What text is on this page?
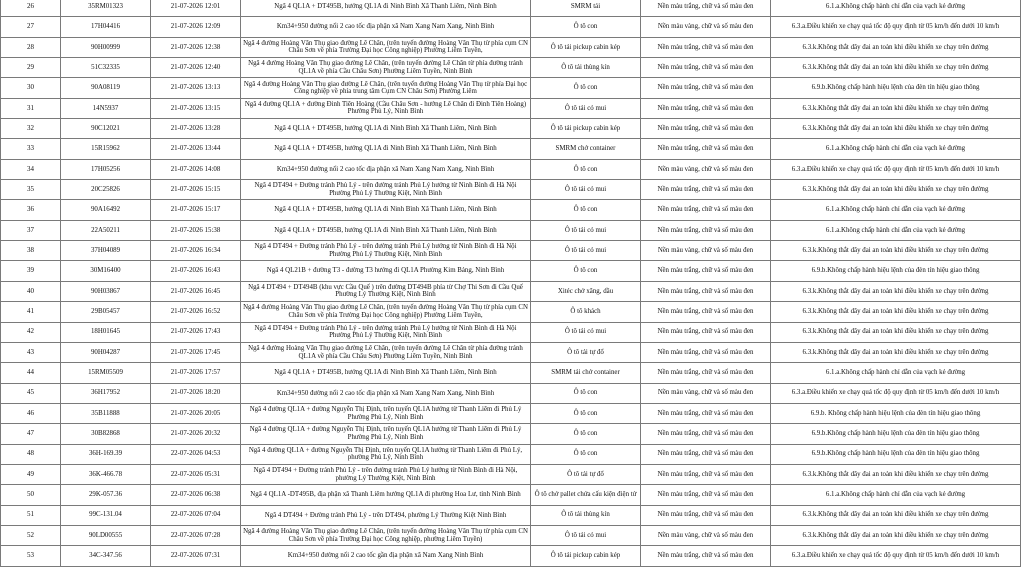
26	35RM01323	21-07-2026 12:01	Ngã 4 QL1A + DT495B, hướng QL1A đi Ninh Bình Xã Thanh Liêm, Ninh Bình	SMRM tải	Nền màu trắng, chữ và số màu đen	6.1.a.Không chấp hành chỉ dẫn của vạch kẻ đường
27	17H04416	21-07-2026 12:09	Km34+950 đường nối 2 cao tốc địa phận xã Nam Xang Nam Xang, Ninh Bình	Ô tô con	Nền màu vàng, chữ và số màu đen	6.3.a.Điều khiển xe chạy quá tốc độ quy định từ 05 km/h đến dưới 10 km/h
28	90H00999	21-07-2026 12:38	Ngã 4 đường Hoàng Văn Thụ giao đường Lê Chân, (trên tuyến đường Hoàng Văn Thụ từ phía cụm CN Châu Sơn về phía Trường Đại học Công nghiệp) Phường Liêm Tuyền,	Ô tô tải pickup cabin kép	Nền màu trắng, chữ và số màu đen	6.3.k.Không thắt dây đai an toàn khi điều khiển xe chạy trên đường
29	51C32335	21-07-2026 12:40	Ngã 4 đường Hoàng Văn Thụ giao đường Lê Chân, (trên tuyến đường Lê Chân từ phía đường tránh QL1A về phía Cầu Châu Sơn) Phường Liêm Tuyền, Ninh Bình	Ô tô tải thùng kín	Nền màu trắng, chữ và số màu đen	6.3.k.Không thắt dây đai an toàn khi điều khiển xe chạy trên đường
30	90A08119	21-07-2026 13:13	Ngã 4 đường Hoàng Văn Thụ giao đường Lê Chân, (trên tuyến đường Hoàng Văn Thụ từ phía Đại học Công nghiệp về phía trung tâm Cụm CN Châu Sơn) Phường Liêm	Ô tô con	Nền màu trắng, chữ và số màu đen	6.9.b.Không chấp hành hiệu lệnh của đèn tín hiệu giao thông
31	14N5937	21-07-2026 13:15	Ngã 4 đường QL1A + đường Đinh Tiên Hoàng (Cầu Châu Sơn - hướng Lê Chân đi Đinh Tiên Hoàng) Phường Phủ Lý, Ninh Bình	Ô tô tải có mui	Nền màu trắng, chữ và số màu đen	6.3.k.Không thắt dây đai an toàn khi điều khiển xe chạy trên đường
32	90C12021	21-07-2026 13:28	Ngã 4 QL1A + DT495B, hướng QL1A đi Ninh Bình Xã Thanh Liêm, Ninh Bình	Ô tô tải pickup cabin kép	Nền màu trắng, chữ và số màu đen	6.3.k.Không thắt dây đai an toàn khi điều khiển xe chạy trên đường
33	15R15962	21-07-2026 13:44	Ngã 4 QL1A + DT495B, hướng QL1A đi Ninh Bình Xã Thanh Liêm, Ninh Bình	SMRM chở container	Nền màu trắng, chữ và số màu đen	6.1.a.Không chấp hành chỉ dẫn của vạch kẻ đường
34	17H05256	21-07-2026 14:08	Km34+950 đường nối 2 cao tốc địa phận xã Nam Xang Nam Xang, Ninh Bình	Ô tô con	Nền màu vàng, chữ và số màu đen	6.3.a.Điều khiển xe chạy quá tốc độ quy định từ 05 km/h đến dưới 10 km/h
35	20C25826	21-07-2026 15:15	Ngã 4 DT494 + Đường tránh Phủ Lý - trên đường tránh Phủ Lý hướng từ Ninh Bình đi Hà Nội Phường Phủ Lý Thường Kiệt, Ninh Bình	Ô tô tải có mui	Nền màu trắng, chữ và số màu đen	6.3.k.Không thắt dây đai an toàn khi điều khiển xe chạy trên đường
36	90A16492	21-07-2026 15:17	Ngã 4 QL1A + DT495B, hướng QL1A đi Ninh Bình Xã Thanh Liêm, Ninh Bình	Ô tô con	Nền màu trắng, chữ và số màu đen	6.1.a.Không chấp hành chỉ dẫn của vạch kẻ đường
37	22A50211	21-07-2026 15:38	Ngã 4 QL1A + DT495B, hướng QL1A đi Ninh Bình Xã Thanh Liêm, Ninh Bình	Ô tô tải có mui	Nền màu trắng, chữ và số màu đen	6.1.a.Không chấp hành chỉ dẫn của vạch kẻ đường
38	37H04089	21-07-2026 16:34	Ngã 4 DT494 + Đường tránh Phủ Lý - trên đường tránh Phủ Lý hướng từ Ninh Bình đi Hà Nội Phường Phủ Lý Thường Kiệt, Ninh Bình	Ô tô tải có mui	Nền màu vàng, chữ và số màu đen	6.3.k.Không thắt dây đai an toàn khi điều khiển xe chạy trên đường
39	30M16400	21-07-2026 16:43	Ngã 4 QL21B + đường T3 - đường T3 hướng đi QL1A Phường Kim Bảng, Ninh Bình	Ô tô con	Nền màu trắng, chữ và số màu đen	6.9.b.Không chấp hành hiệu lệnh của đèn tín hiệu giao thông
40	90H03867	21-07-2026 16:45	Ngã 4 DT494 + DT494B (khu vực Cầu Quế ) trên đường DT494B phía từ Chợ Thi Sơn đi Cầu Quế Phường Lý Thường Kiệt, Ninh Bình	Xitéc chở xăng, dầu	Nền màu trắng, chữ và số màu đen	6.3.k.Không thắt dây đai an toàn khi điều khiển xe chạy trên đường
41	29B05457	21-07-2026 16:52	Ngã 4 đường Hoàng Văn Thụ giao đường Lê Chân, (trên tuyến đường Hoàng Văn Thụ từ phía cụm CN Châu Sơn về phía Trường Đại học Công nghiệp) Phường Liêm Tuyền,	Ô tô khách	Nền màu trắng, chữ và số màu đen	6.3.k.Không thắt dây đai an toàn khi điều khiển xe chạy trên đường
42	18H01645	21-07-2026 17:43	Ngã 4 DT494 + Đường tránh Phủ Lý - trên đường tránh Phủ Lý hướng từ Ninh Bình đi Hà Nội Phường Phủ Lý Thường Kiệt, Ninh Bình	Ô tô tải có mui	Nền màu trắng, chữ và số màu đen	6.3.k.Không thắt dây đai an toàn khi điều khiển xe chạy trên đường
43	90H04287	21-07-2026 17:45	Ngã 4 đường Hoàng Văn Thụ giao đường Lê Chân, (trên tuyến đường Lê Chân từ phía đường tránh QL1A về phía Cầu Châu Sơn) Phường Liêm Tuyền, Ninh Bình	Ô tô tải tự đổ	Nền màu trắng, chữ và số màu đen	6.3.k.Không thắt dây đai an toàn khi điều khiển xe chạy trên đường
44	15RM05509	21-07-2026 17:57	Ngã 4 QL1A + DT495B, hướng QL1A đi Ninh Bình Xã Thanh Liêm, Ninh Bình	SMRM tải chở container	Nền màu trắng, chữ và số màu đen	6.1.a.Không chấp hành chỉ dẫn của vạch kẻ đường
45	36H17952	21-07-2026 18:20	Km34+950 đường nối 2 cao tốc địa phận xã Nam Xang Nam Xang, Ninh Bình	Ô tô con	Nền màu vàng, chữ và số màu đen	6.3.a.Điều khiển xe chạy quá tốc độ quy định từ 05 km/h đến dưới 10 km/h
46	35B11888	21-07-2026 20:05	Ngã 4 đường QL1A + đường Nguyễn Thị Định, trên tuyến QL1A hướng từ Thanh Liêm đi Phủ Lý Phường Phủ Lý, Ninh Bình	Ô tô con	Nền màu trắng, chữ và số màu đen	6.9.b. Không chấp hành hiệu lệnh của đèn tín hiệu giao thông
47	30B82868	21-07-2026 20:32	Ngã 4 đường QL1A + đường Nguyễn Thị Định, trên tuyến QL1A hướng từ Thanh Liêm đi Phủ Lý Phường Phủ Lý, Ninh Bình	Ô tô con	Nền màu trắng, chữ và số màu đen	6.9.b.Không chấp hành hiệu lệnh của đèn tín hiệu giao thông
48	36H-169.39	22-07-2026 04:53	Ngã 4 đường QL1A + đường Nguyễn Thị Định, trên tuyến QL1A hướng từ Thanh Liêm đi Phủ Lý, phường Phủ Lý, Ninh Bình	Ô tô con	Nền màu trắng, chữ và số màu đen	6.9.b.Không chấp hành hiệu lệnh của đèn tín hiệu giao thông
49	36K-466.78	22-07-2026 05:31	Ngã 4 DT494 + Đường tránh Phủ Lý - trên đường tránh Phủ Lý hướng từ Ninh Bình đi Hà Nội, phường Lý Thường Kiệt, Ninh Bình	Ô tô tải tự đổ	Nền màu trắng, chữ và số màu đen	6.3.k.Không thắt dây đai an toàn khi điều khiển xe chạy trên đường
50	29K-057.36	22-07-2026 06:38	Ngã 4 QL1A -DT495B, địa phận xã Thanh Liêm hướng QL1A đi phường Hoa Lư, tỉnh Ninh Bình	Ô tô chở pallet chứa cấu kiện điện tử	Nền màu trắng, chữ và số màu đen	6.1.a.Không chấp hành chỉ dẫn của vạch kẻ đường
51	99C-131.04	22-07-2026 07:04	Ngã 4 DT494 + Đường tránh Phủ Lý - trên DT494, phường Lý Thường Kiệt Ninh Bình	Ô tô tải thùng kín	Nền màu trắng, chữ và số màu đen	6.3.k.Không thắt dây đai an toàn khi điều khiển xe chạy trên đường
52	90LD00555	22-07-2026 07:28	Ngã 4 đường Hoàng Văn Thụ giao đường Lê Chân, (trên tuyến đường Hoàng Văn Thụ từ phía cụm CN Châu Sơn về phía Trường Đại học Công nghiệp, phường Liêm Tuyền)	Ô tô tải có mui	Nền màu vàng, chữ và số màu đen	6.3.k.Không thắt dây đai an toàn khi điều khiển xe chạy trên đường
53	34C-347.56	22-07-2026 07:31	Km34+950 đường nối 2 cao tốc gần địa phận xã Nam Xang Ninh Bình	Ô tô tải pickup cabin kép	Nền màu trắng, chữ và số màu đen	6.3.a.Điều khiển xe chạy quá tốc độ quy định từ 05 km/h đến dưới 10 km/h
